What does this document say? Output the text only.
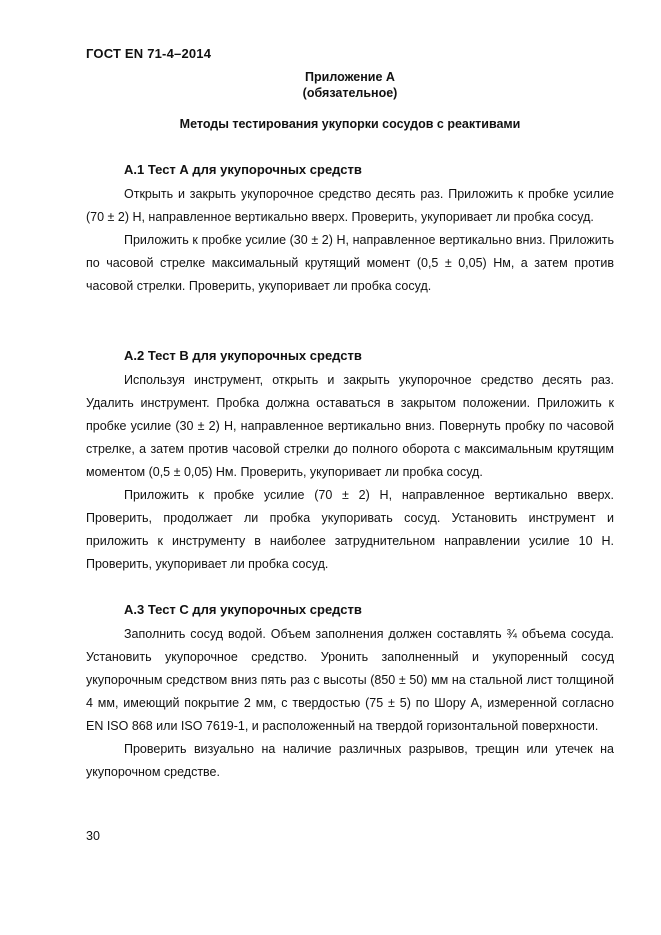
ГОСТ EN 71-4–2014
Приложение А
(обязательное)
Методы тестирования укупорки сосудов с реактивами
А.1 Тест А для укупорочных средств

Открыть и закрыть укупорочное средство десять раз. Приложить к пробке усилие (70 ± 2) Н, направленное вертикально вверх. Проверить, укупоривает ли пробка сосуд.

Приложить к пробке усилие (30 ± 2) Н, направленное вертикально вниз. Приложить по часовой стрелке максимальный крутящий момент (0,5 ± 0,05) Нм, а затем против часовой стрелки. Проверить, укупоривает ли пробка сосуд.

А.2 Тест В для укупорочных средств

Используя инструмент, открыть и закрыть укупорочное средство десять раз. Удалить инструмент. Пробка должна оставаться в закрытом положении. Приложить к пробке усилие (30 ± 2) Н, направленное вертикально вниз. Повернуть пробку по часовой стрелке, а затем против часовой стрелки до полного оборота с максимальным крутящим моментом (0,5 ± 0,05) Нм. Проверить, укупоривает ли пробка сосуд.

Приложить к пробке усилие (70 ± 2) Н, направленное вертикально вверх. Проверить, продолжает ли пробка укупоривать сосуд. Установить инструмент и приложить к инструменту в наиболее затруднительном направлении усилие 10 Н. Проверить, укупоривает ли пробка сосуд.

А.3 Тест С для укупорочных средств

Заполнить сосуд водой. Объем заполнения должен составлять ¾ объема сосуда. Установить укупорочное средство. Уронить заполненный и укупоренный сосуд укупорочным средством вниз пять раз с высоты (850 ± 50) мм на стальной лист толщиной 4 мм, имеющий покрытие 2 мм, с твердостью (75 ± 5) по Шору А, измеренной согласно EN ISO 868 или ISO 7619-1, и расположенный на твердой горизонтальной поверхности.

Проверить визуально на наличие различных разрывов, трещин или утечек на укупорочном средстве.

30
